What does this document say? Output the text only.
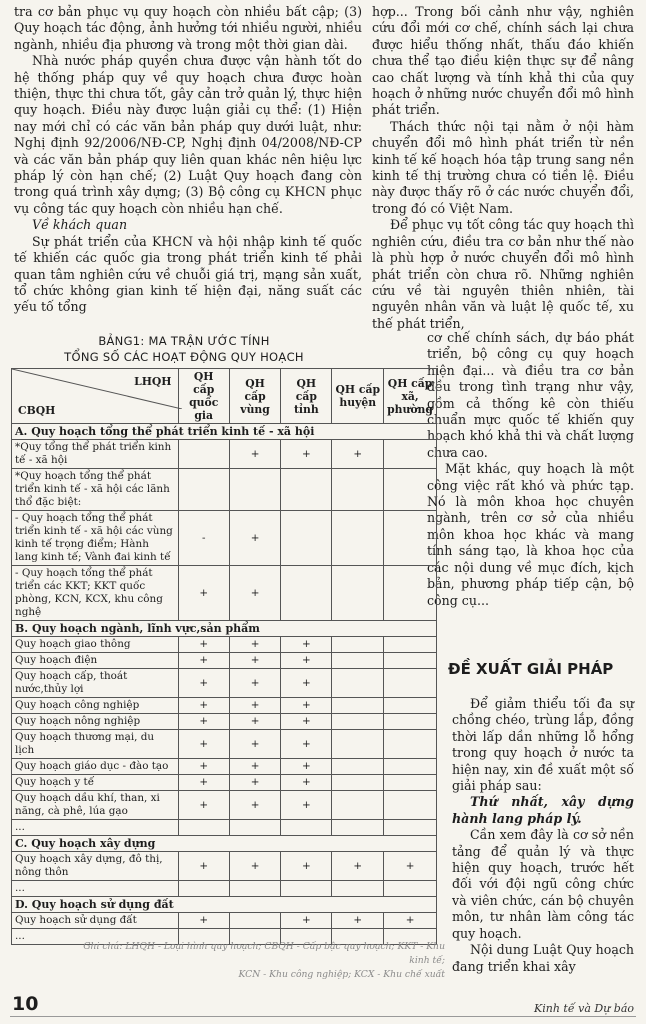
tra cơ bản phục vụ quy hoạch còn nhiều bất cập; (3) Quy hoạch tác động, ảnh hưởng tới nhiều người, nhiều ngành, nhiều địa phương và trong một thời gian dài.

Nhà nước pháp quyền chưa được vận hành tốt do hệ thống pháp quy về quy hoạch chưa được hoàn thiện, thực thi chưa tốt, gây cản trở quản lý, thực hiện quy hoạch. Điều này được luận giải cụ thể: (1) Hiện nay mới chỉ có các văn bản pháp quy dưới luật, như: Nghị định 92/2006/NĐ-CP, Nghị định 04/2008/NĐ-CP và các văn bản pháp quy liên quan khác nên hiệu lực pháp lý còn hạn chế; (2) Luật Quy hoạch đang còn trong quá trình xây dựng; (3) Bộ công cụ KHCN phục vụ công tác quy hoạch còn nhiều hạn chế.

Về khách quan

Sự phát triển của KHCN và hội nhập kinh tế quốc tế khiến các quốc gia trong phát triển kinh tế phải quan tâm nghiên cứu về chuỗi giá trị, mạng sản xuất, tổ chức không gian kinh tế hiện đại, năng suất các yếu tố tổng

hợp... Trong bối cảnh như vậy, nghiên cứu đổi mới cơ chế, chính sách lại chưa được hiểu thống nhất, thấu đáo khiến chưa thể tạo điều kiện thực sự để nâng cao chất lượng và tính khả thi của quy hoạch ở những nước chuyển đổi mô hình phát triển.

Thách thức nội tại nằm ở nội hàm chuyển đổi mô hình phát triển từ nền kinh tế kế hoạch hóa tập trung sang nền kinh tế thị trường chưa có tiền lệ. Điều này được thấy rõ ở các nước chuyển đổi, trong đó có Việt Nam.

Để phục vụ tốt công tác quy hoạch thì nghiên cứu, điều tra cơ bản như thế nào là phù hợp ở nước chuyển đổi mô hình phát triển còn chưa rõ. Những nghiên cứu về tài nguyên thiên nhiên, tài nguyên nhân văn và luật lệ quốc tế, xu thế phát triển,

cơ chế chính sách, dự báo phát triển, bộ công cụ quy hoạch hiện đại... và điều tra cơ bản đều trong tình trạng như vậy, gồm cả thống kê còn thiếu chuẩn mực quốc tế khiến quy hoạch khó khả thi và chất lượng chưa cao.

Mặt khác, quy hoạch là một công việc rất khó và phức tạp. Nó là môn khoa học chuyên ngành, trên cơ sở của nhiều môn khoa học khác và mang tính sáng tạo, là khoa học của các nội dung về mục đích, kịch bản, phương pháp tiếp cận, bộ công cụ...

ĐỀ XUẤT GIẢI PHÁP

Để giảm thiểu tối đa sự chồng chéo, trùng lắp, đồng thời lấp dần những lỗ hổng trong quy hoạch ở nước ta hiện nay, xin đề xuất một số giải pháp sau:

Thứ nhất, xây dựng hành lang pháp lý.

Cần xem đây là cơ sở nền tảng để quản lý và thực hiện quy hoạch, trước hết đối với đội ngũ công chức và viên chức, cán bộ chuyên môn, tư nhân làm công tác quy hoạch.

Nội dung Luật Quy hoạch đang triển khai xây

BẢNG1: MA TRẬN ƯỚC TÍNH
TỔNG SỐ CÁC HOẠT ĐỘNG QUY HOẠCH
LHQH
CBQH	QH cấp quốc gia	QH cấp vùng	QH cấp tỉnh	QH cấp huyện	QH cấp xã, phường
A. Quy hoạch tổng thể phát triển kinh tế - xã hội					
*Quy tổng thể phát triển kinh tế - xã hội		+	+	+	
*Quy hoạch tổng thể phát triển kinh tế - xã hội các lãnh thổ đặc biệt:					
- Quy hoạch tổng thể phát triển kinh tế - xã hội các vùng kinh tế trọng điểm; Hành lang kinh tế; Vành đai kinh tế	-	+			
- Quy hoạch tổng thể phát triển các KKT; KKT quốc phòng, KCN, KCX, khu công nghệ	+	+			
B. Quy hoạch ngành, lĩnh vực,sản phẩm					
Quy hoạch giao thông	+	+	+		
Quy hoạch điện	+	+	+		
Quy hoạch cấp, thoát nước,thủy lợi	+	+	+		
Quy hoạch công nghiệp	+	+	+		
Quy hoạch nông nghiệp	+	+	+		
Quy hoạch thương mại, du lịch	+	+	+		
Quy hoạch giáo dục - đào tạo	+	+	+		
Quy hoạch y tế	+	+	+		
Quy hoạch dầu khí, than, xi năng, cà phê, lúa gạo	+	+	+		
...					
C. Quy hoạch xây dựng					
Quy hoạch xây dựng, đô thị, nông thôn	+	+	+	+	+
...					
D. Quy hoạch sử dụng đất					
Quy hoạch sử dụng đất	+		+	+	+
...					
Ghi chú: LHQH - Loại hình quy hoạch; CBQH - Cấp bậc quy hoạch; KKT - Khu kinh tế;
KCN - Khu công nghiệp; KCX - Khu chế xuất
10	Kinh tế và Dự báo
